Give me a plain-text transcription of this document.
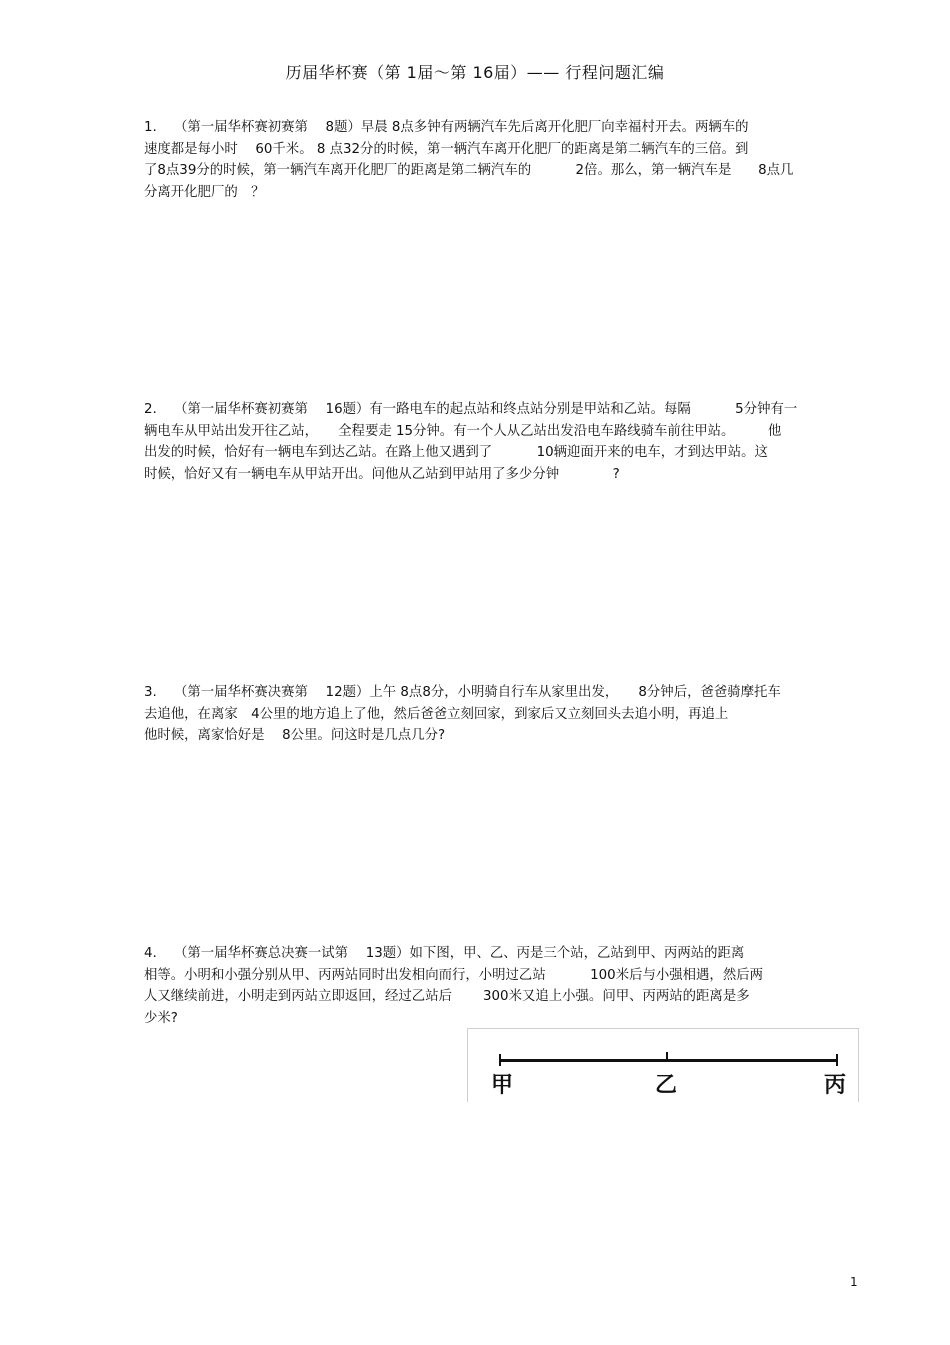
历届华杯赛（第 1届～第 16届）—— 行程问题汇编
1. （第一届华杯赛初赛第　 8题）早晨 8点多钟有两辆汽车先后离开化肥厂向幸福村开去。两辆车的
速度都是每小时　 60千米。 8 点32分的时候，第一辆汽车离开化肥厂的距离是第二辆汽车的三倍。到
了8点39分的时候，第一辆汽车离开化肥厂的距离是第二辆汽车的　　　 2倍。那么，第一辆汽车是　　8点几
分离开化肥厂的　？
2. （第一届华杯赛初赛第　 16题）有一路电车的起点站和终点站分别是甲站和乙站。每隔　　　 5分钟有一
辆电车从甲站出发开往乙站，　　全程要走 15分钟。有一个人从乙站出发沿电车路线骑车前往甲站。　　　他
出发的时候，恰好有一辆电车到达乙站。在路上他又遇到了　　　 10辆迎面开来的电车，才到达甲站。这
时候，恰好又有一辆电车从甲站开出。问他从乙站到甲站用了多少分钟　　　　?
3. （第一届华杯赛决赛第　 12题）上午 8点8分，小明骑自行车从家里出发，　　8分钟后，爸爸骑摩托车
去追他，在离家　4公里的地方追上了他，然后爸爸立刻回家，到家后又立刻回头去追小明，再追上
他时候，离家恰好是　 8公里。问这时是几点几分?
4. （第一届华杯赛总决赛一试第　 13题）如下图，甲、乙、丙是三个站，乙站到甲、丙两站的距离
相等。小明和小强分别从甲、丙两站同时出发相向而行，小明过乙站　　　 100米后与小强相遇，然后两
人又继续前进，小明走到丙站立即返回，经过乙站后　　 300米又追上小强。问甲、丙两站的距离是多
少米?
甲	乙	丙
1
